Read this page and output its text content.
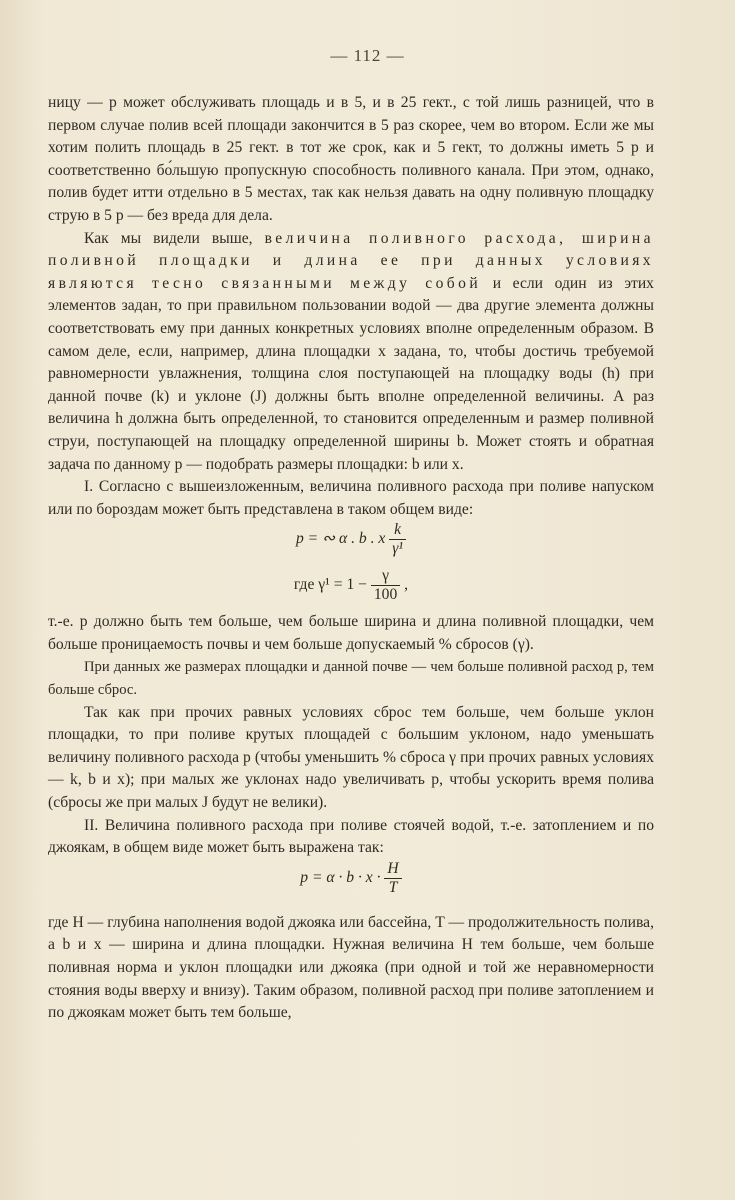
— 112 —

ницу — p может обслуживать площадь и в 5, и в 25 гект., с той лишь разницей, что в первом случае полив всей площади закончится в 5 раз скорее, чем во втором. Если же мы хотим полить площадь в 25 гект. в тот же срок, как и 5 гект, то должны иметь 5 p и соответственно бо́льшую пропускную способность поливного канала. При этом, однако, полив будет итти отдельно в 5 местах, так как нельзя давать на одну поливную площадку струю в 5 p — без вреда для дела.

Как мы видели выше, величина поливного расхода, ширина поливной площадки и длина ее при данных условиях являются тесно связанными между собой и если один из этих элементов задан, то при правильном пользовании водой — два другие элемента должны соответствовать ему при данных конкретных условиях вполне определенным образом. В самом деле, если, например, длина площадки x задана, то, чтобы достичь требуемой равномерности увлажнения, толщина слоя поступающей на площадку воды (h) при данной почве (k) и уклоне (J) должны быть вполне определенной величины. А раз величина h должна быть определенной, то становится определенным и размер поливной струи, поступающей на площадку определенной ширины b. Может стоять и обратная задача по данному p — подобрать размеры площадки: b или x.

I. Согласно с вышеизложенным, величина поливного расхода при поливе напуском или по бороздам может быть представлена в таком общем виде:

p = ∾ α . b . x $\frac{k}{\text{γ¹}}$
где $\gamma^1 = 1 - \frac{\gamma}{100}$ ,

т.-е. p должно быть тем больше, чем больше ширина и длина поливной площадки, чем больше проницаемость почвы и чем больше допускаемый % сбросов (γ).

При данных же размерах площадки и данной почве — чем больше поливной расход p, тем больше сброс.

Так как при прочих равных условиях сброс тем больше, чем больше уклон площадки, то при поливе крутых площадей с большим уклоном, надо уменьшать величину поливного расхода p (чтобы уменьшить % сброса γ при прочих равных условиях — k, b и x); при малых же уклонах надо увеличивать p, чтобы ускорить время полива (сбросы же при малых J будут не велики).

II. Величина поливного расхода при поливе стоячей водой, т.-е. затоплением и по джоякам, в общем виде может быть выражена так:

$p = \alpha \cdot b \cdot x \cdot \frac{H}{T}$

где H — глубина наполнения водой джояка или бассейна, T — продолжительность полива, а b и x — ширина и длина площадки. Нужная величина H тем больше, чем больше поливная норма и уклон площадки или джояка (при одной и той же неравномерности стояния воды вверху и внизу). Таким образом, поливной расход при поливе затоплением и по джоякам может быть тем больше,
